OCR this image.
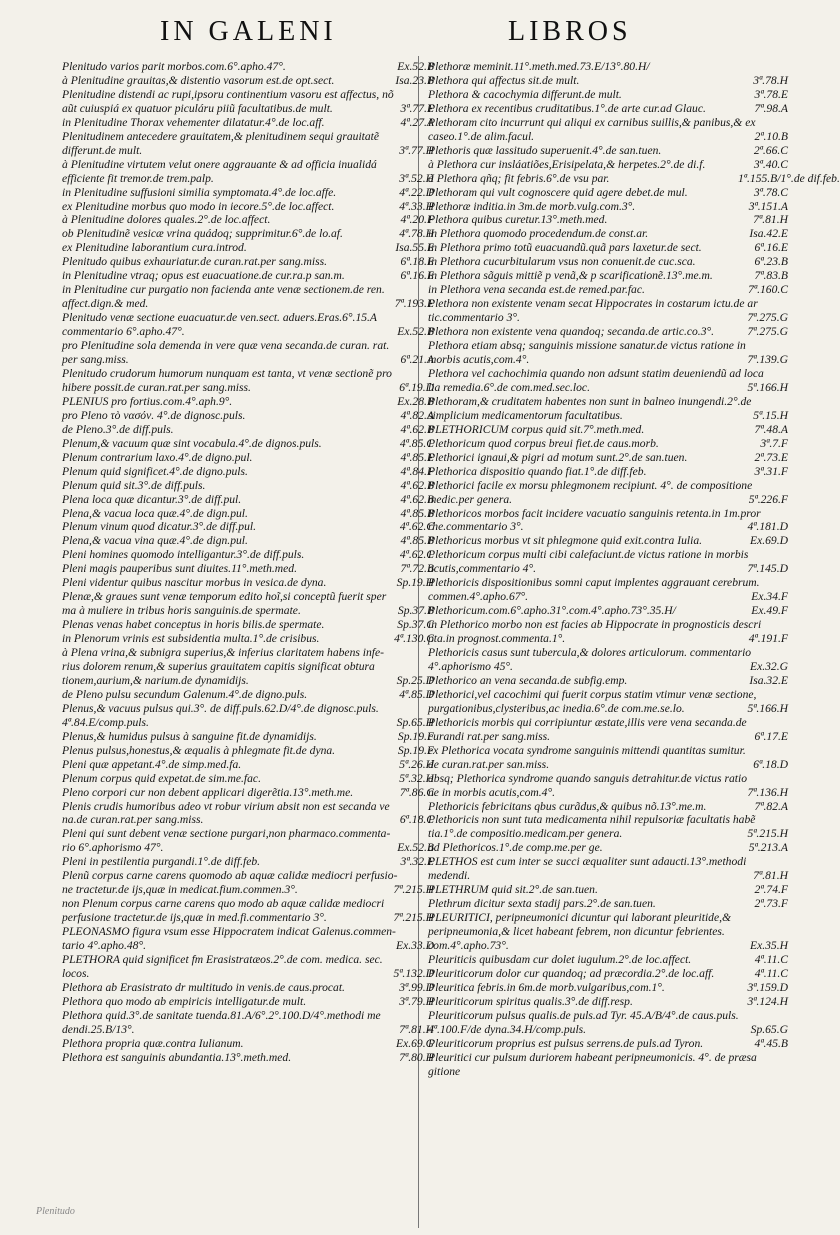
IN GALENI	LIBROS
Plenitudo varios parit morbos.com.6°.apho.47°.	Ex.52.B
à Plenitudine grauitas,& distentio vasorum est.de opt.sect.	Isa.23.B
Plenitudine distendi ac rupi,ipsoru continentium vasoru est affectus, nõ
aũt cuiuspiá ex quatuor piculáru piiũ facultatibus.de mult.	3ª.77.E
in Plenitudine Thorax vehementer dilatatur.4°.de loc.aff.	4ª.27.A
Plenitudinem antecedere grauitatem,& plenitudinem sequi grauitatẽ
differunt.de mult.	3ª.77.H
à Plenitudine virtutem velut onere aggrauante & ad officia inualidá
efficiente fit tremor.de trem.palp.	3ª.52.H
in Plenitudine suffusioni similia symptomata.4°.de loc.affe.	4ª.22.D
ex Plenitudine morbus quo modo in iecore.5°.de loc.affect.	4ª.33.H
à Plenitudine dolores quales.2°.de loc.affect.	4ª.20.F
ob Plenitudinẽ vesicæ vrina quádoq; supprimitur.6°.de lo.af.	4ª.78.H
ex Plenitudine laborantium cura.introd.	Isa.55.E
Plenitudo quibus exhauriatur.de curan.rat.per sang.miss.	6ª.18.E
in Plenitudine vtraq; opus est euacuatione.de cur.ra.p san.m.	6ª.16.E
in Plenitudine cur purgatio non facienda ante venæ sectionem.de ren.
affect.dign.& med.	7ª.193.E
Plenitudo venæ sectione euacuatur.de ven.sect. aduers.Eras.6°.15.A
commentario 6°.apho.47°.	Ex.52.B
pro Plenitudine sola demenda in vere quæ vena secanda.de curan. rat.
per sang.miss.	6ª.21.A
Plenitudo crudorum humorum nunquam est tanta, vt venæ sectionẽ pro
hibere possit.de curan.rat.per sang.miss.	6ª.19.D
PLENIUS pro fortius.com.4°.aph.9°.	Ex.28.B
pro Pleno τὸ νασόν. 4°.de dignosc.puls.	4ª.82.A
de Pleno.3°.de diff.puls.	4ª.62.B
Plenum,& vacuum quæ sint vocabula.4°.de dignos.puls.	4ª.85.C
Plenum contrarium laxo.4°.de digno.pul.	4ª.85.E
Plenum quid significet.4°.de digno.puls.	4ª.84.F
Plenum quid sit.3°.de diff.puls.	4ª.62.B
Plena loca quæ dicantur.3°.de diff.pul.	4ª.62.B
Plena,& vacua loca quæ.4°.de dign.pul.	4ª.85.B
Plenum vinum quod dicatur.3°.de diff.pul.	4ª.62.C
Plena,& vacua vina quæ.4°.de dign.pul.	4ª.85.B
Pleni homines quomodo intelligantur.3°.de diff.puls.	4ª.62.C
Pleni magis pauperibus sunt diuites.11°.meth.med.	7ª.72.B
Pleni videntur quibus nascitur morbus in vesica.de dyna.	Sp.19.H
Plenæ,& graues sunt venæ temporum edito hoĩ,si conceptũ fuerit sper
ma à muliere in tribus horis sanguinis.de spermate.	Sp.37.B
Plenas venas habet conceptus in horis bilis.de spermate.	Sp.37.C
in Plenorum vrinis est subsidentia multa.1°.de crisibus.	4ª.130.C
à Plena vrina,& subnigra superius,& inferius claritatem habens infe-
rius dolorem renum,& superius grauitatem capitis significat obtura
tionem,aurium,& narium.de dynamidijs.	Sp.25.D
de Pleno pulsu secundum Galenum.4°.de digno.puls.	4ª.85.D
Plenus,& vacuus pulsus qui.3°. de diff.puls.62.D/4°.de dignosc.puls.
4ª.84.E/comp.puls.	Sp.65.H
Plenus,& humidus pulsus à sanguine fit.de dynamidijs.	Sp.19.F
Plenus pulsus,honestus,& æqualis à phlegmate fit.de dyna.	Sp.19.F
Pleni quæ appetant.4°.de simp.med.fa.	5ª.26.H
Plenum corpus quid expetat.de sim.me.fac.	5ª.32.H
Pleno corpori cur non debent applicari digerẽtia.13°.meth.me.	7ª.86.C
Plenis crudis humoribus adeo vt robur virium absit non est secanda ve
na.de curan.rat.per sang.miss.	6ª.18.C
Pleni qui sunt debent venæ sectione purgari,non pharmaco.commenta-
rio 6°.aphorismo 47°.	Ex.52.B
Pleni in pestilentia purgandi.1°.de diff.feb.	3ª.32.E
Plenũ corpus carne carens quomodo ab aquæ calidæ mediocri perfusio-
ne tractetur.de ijs,quæ in medicat.fium.commen.3°.	7ª.215.H
non Plenum corpus carne carens quo modo ab aquæ calidæ mediocri
perfusione tractetur.de ijs,quæ in med.fi.commentario 3°.	7ª.215.H
PLEONASMO figura vsum esse Hippocratem indicat Galenus.commen-
tario 4°.apho.48°.	Ex.33.D
PLETHORA quid significet fm Erasistratæos.2°.de com. medica. sec.
locos.	5ª.132.D
Plethora ab Erasistrato dr multitudo in venis.de caus.procat.	3ª.99.D
Plethora quo modo ab empiricis intelligatur.de mult.	3ª.79.H
Plethora quid.3°.de sanitate tuenda.81.A/6°.2°.100.D/4°.methodi me
dendi.25.B/13°.	7ª.81.H
Plethora propria quæ.contra Iulianum.	Ex.69.G
Plethora est sanguinis abundantia.13°.meth.med.	7ª.80.H
Plethoræ meminit.11°.meth.med.73.E/13°.80.H/
Plethora qui affectus sit.de mult.	3ª.78.H
Plethora & cacochymia differunt.de mult.	3ª.78.E
Plethora ex recentibus cruditatibus.1°.de arte cur.ad Glauc.	7ª.98.A
Plethoram cito incurrunt qui aliqui ex carnibus suillis,& panibus,& ex
caseo.1°.de alim.facul.	2ª.10.B
Plethoris quæ lassitudo superuenit.4°.de san.tuen.	2ª.66.C
à Plethora cur insláatiões,Erisipelata,& herpetes.2°.de di.f.	3ª.40.C
à Plethora qñq; fit febris.6°.de vsu par.	1ª.155.B/1°.de dif.feb.
Plethoram qui vult cognoscere quid agere debet.de mul.	3ª.78.C
Plethoræ inditia.in 3m.de morb.vulg.com.3°.	3ª.151.A
Plethora quibus curetur.13°.meth.med.	7ª.81.H
in Plethora quomodo procedendum.de const.ar.	Isa.42.E
in Plethora primo totũ euacuandũ.quã pars laxetur.de sect.	6ª.16.E
in Plethora cucurbitularum vsus non conuenit.de cuc.sca.	6ª.23.B
in Plethora sãguis mittiẽ p venã,& p scarificationẽ.13°.me.m.	7ª.83.B
in Plethora vena secanda est.de remed.par.fac.	7ª.160.C
Plethora non existente venam secat Hippocrates in costarum ictu.de ar
tic.commentario 3°.	7ª.275.G
Plethora non existente vena quandoq; secanda.de artic.co.3°.	7ª.275.G
Plethora etiam absq; sanguinis missione sanatur.de victus ratione in
morbis acutis,com.4°.	7ª.139.G
Plethora vel cachochimia quando non adsunt statim deueniendũ ad loca
lia remedia.6°.de com.med.sec.loc.	5ª.166.H
Plethoram,& cruditatem habentes non sunt in balneo inungendi.2°.de
simplicium medicamentorum facultatibus.	5ª.15.H
PLETHORICUM corpus quid sit.7°.meth.med.	7ª.48.A
Plethoricum quod corpus breui fiet.de caus.morb.	3ª.7.F
Plethorici ignaui,& pigri ad motum sunt.2°.de san.tuen.	2ª.73.E
Plethorica dispositio quando fiat.1°.de diff.feb.	3ª.31.F
Plethorici facile ex morsu phlegmonem recipiunt. 4°. de compositione
medic.per genera.	5ª.226.F
Plethoricos morbos facit incidere vacuatio sanguinis retenta.in 1m.pror
rhe.commentario 3°.	4ª.181.D
Plethoricus morbus vt sit phlegmone quid exit.contra Iulia.	Ex.69.D
Plethoricum corpus multi cibi calefaciunt.de victus ratione in morbis
acutis,commentario 4°.	7ª.145.D
Plethoricis dispositionibus somni caput implentes aggrauant cerebrum.
commen.4°.apho.67°.	Ex.34.F
Plethoricum.com.6°.apho.31°.com.4°.apho.73°.35.H/	Ex.49.F
in Plethorico morbo non est facies ab Hippocrate in prognosticis descri
pta.in prognost.commenta.1°.	4ª.191.F
Plethoricis casus sunt tubercula,& dolores articulorum. commentario
4°.aphorismo 45°.	Ex.32.G
Plethorico an vena secanda.de subfig.emp.	Isa.32.E
Plethorici,vel cacochimi qui fuerit corpus statim vtimur venæ sectione,
purgationibus,clysteribus,ac inedia.6°.de com.me.se.lo.	5ª.166.H
Plethoricis morbis qui corripiuntur æstate,illis vere vena secanda.de
curandi rat.per sang.miss.	6ª.17.E
ex Plethorica vocata syndrome sanguinis mittendi quantitas sumitur.
de curan.rat.per san.miss.	6ª.18.D
absq; Plethorica syndrome quando sanguis detrahitur.de victus ratio
ne in morbis acutis,com.4°.	7ª.136.H
Plethoricis febricitans qbus curãdus,& quibus nõ.13°.me.m.	7ª.82.A
Plethoricis non sunt tuta medicamenta nihil repulsoriæ facultatis habẽ
tia.1°.de compositio.medicam.per genera.	5ª.215.H
ad Plethoricos.1°.de comp.me.per ge.	5ª.213.A
PLETHOS est cum inter se succi æqualiter sunt adaucti.13°.methodi
medendi.	7ª.81.H
PLETHRUM quid sit.2°.de san.tuen.	2ª.74.F
Plethrum dicitur sexta stadij pars.2°.de san.tuen.	2ª.73.F
PLEURITICI, peripneumonici dicuntur qui laborant pleuritide,&
peripneumonia,& licet habeant febrem, non dicuntur febrientes.
com.4°.apho.73°.	Ex.35.H
Pleuriticis quibusdam cur dolet iugulum.2°.de loc.affect.	4ª.11.C
Pleuriticorum dolor cur quandoq; ad præcordia.2°.de loc.aff.	4ª.11.C
Pleuritica febris.in 6m.de morb.vulgaribus,com.1°.	3ª.159.D
Pleuriticorum spiritus qualis.3°.de diff.resp.	3ª.124.H
Pleuriticorum pulsus qualis.de puls.ad Tyr. 45.A/B/4°.de caus.puls.
4ª.100.F/de dyna.34.H/comp.puls.	Sp.65.G
Pleuriticorum proprius est pulsus serrens.de puls.ad Tyron.	4ª.45.B
Pleuritici cur pulsum duriorem habeant peripneumonicis. 4°. de præsa
gitione
Plenitudo
